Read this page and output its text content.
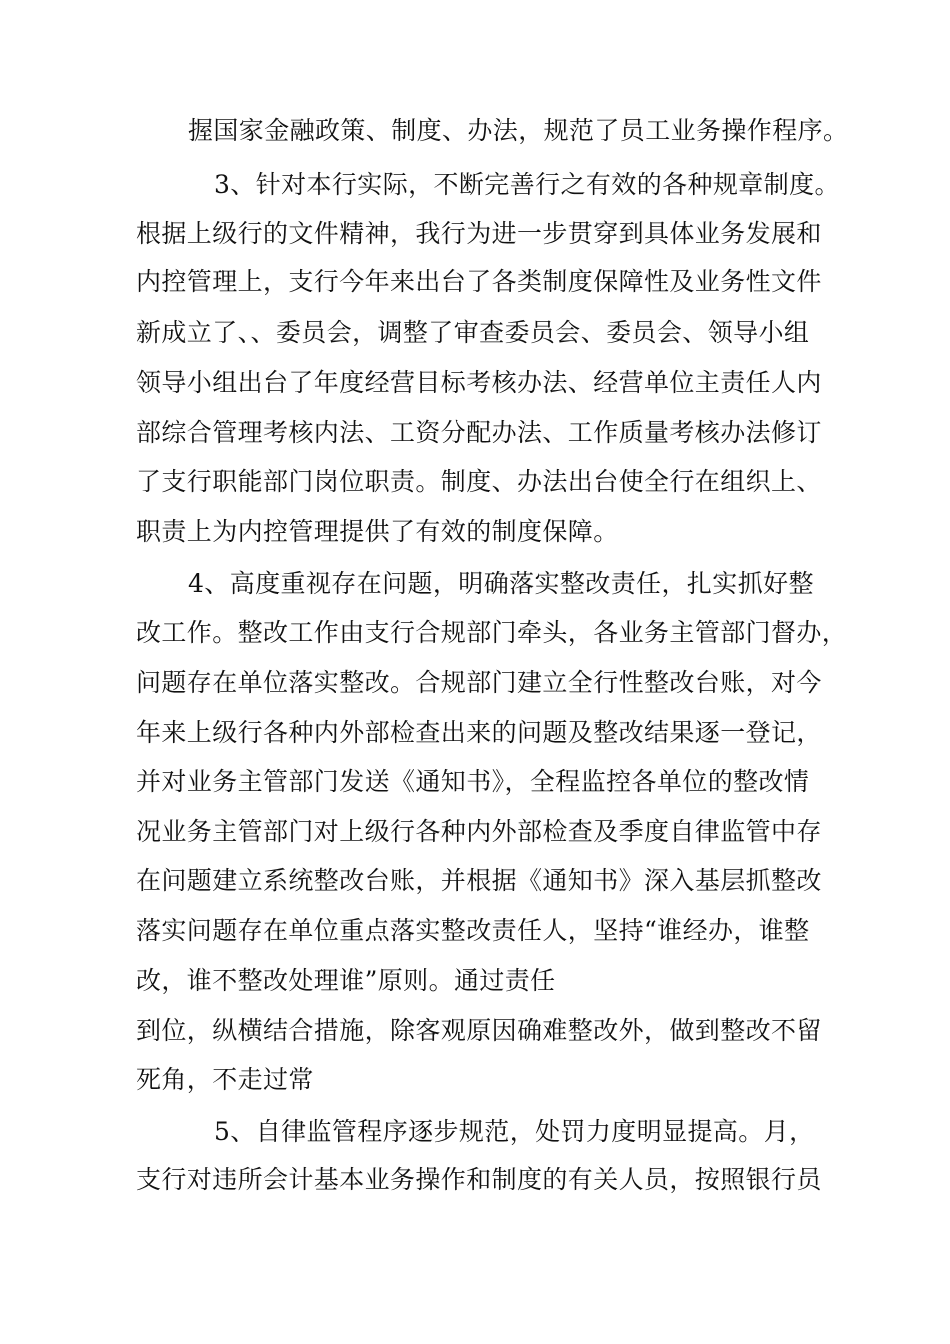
握国家金融政策、制度、办法，规范了员工业务操作程序。
3、针对本行实际，不断完善行之有效的各种规章制度。
根据上级行的文件精神，我行为进一步贯穿到具体业务发展和
内控管理上，支行今年来出台了各类制度保障性及业务性文件
新成立了、、委员会，调整了审查委员会、委员会、领导小组
领导小组出台了年度经营目标考核办法、经营单位主责任人内
部综合管理考核内法、工资分配办法、工作质量考核办法修订
了支行职能部门岗位职责。制度、办法出台使全行在组织上、
职责上为内控管理提供了有效的制度保障。
4、高度重视存在问题，明确落实整改责任，扎实抓好整
改工作。整改工作由支行合规部门牵头，各业务主管部门督办，
问题存在单位落实整改。合规部门建立全行性整改台账，对今
年来上级行各种内外部检查出来的问题及整改结果逐一登记，
并对业务主管部门发送《通知书》，全程监控各单位的整改情
况业务主管部门对上级行各种内外部检查及季度自律监管中存
在问题建立系统整改台账，并根据《通知书》深入基层抓整改
落实问题存在单位重点落实整改责任人，坚持“谁经办，谁整
改，谁不整改处理谁”原则。通过责任
到位，纵横结合措施，除客观原因确难整改外，做到整改不留
死角，不走过常
5、自律监管程序逐步规范，处罚力度明显提高。月，
支行对违所会计基本业务操作和制度的有关人员，按照银行员
